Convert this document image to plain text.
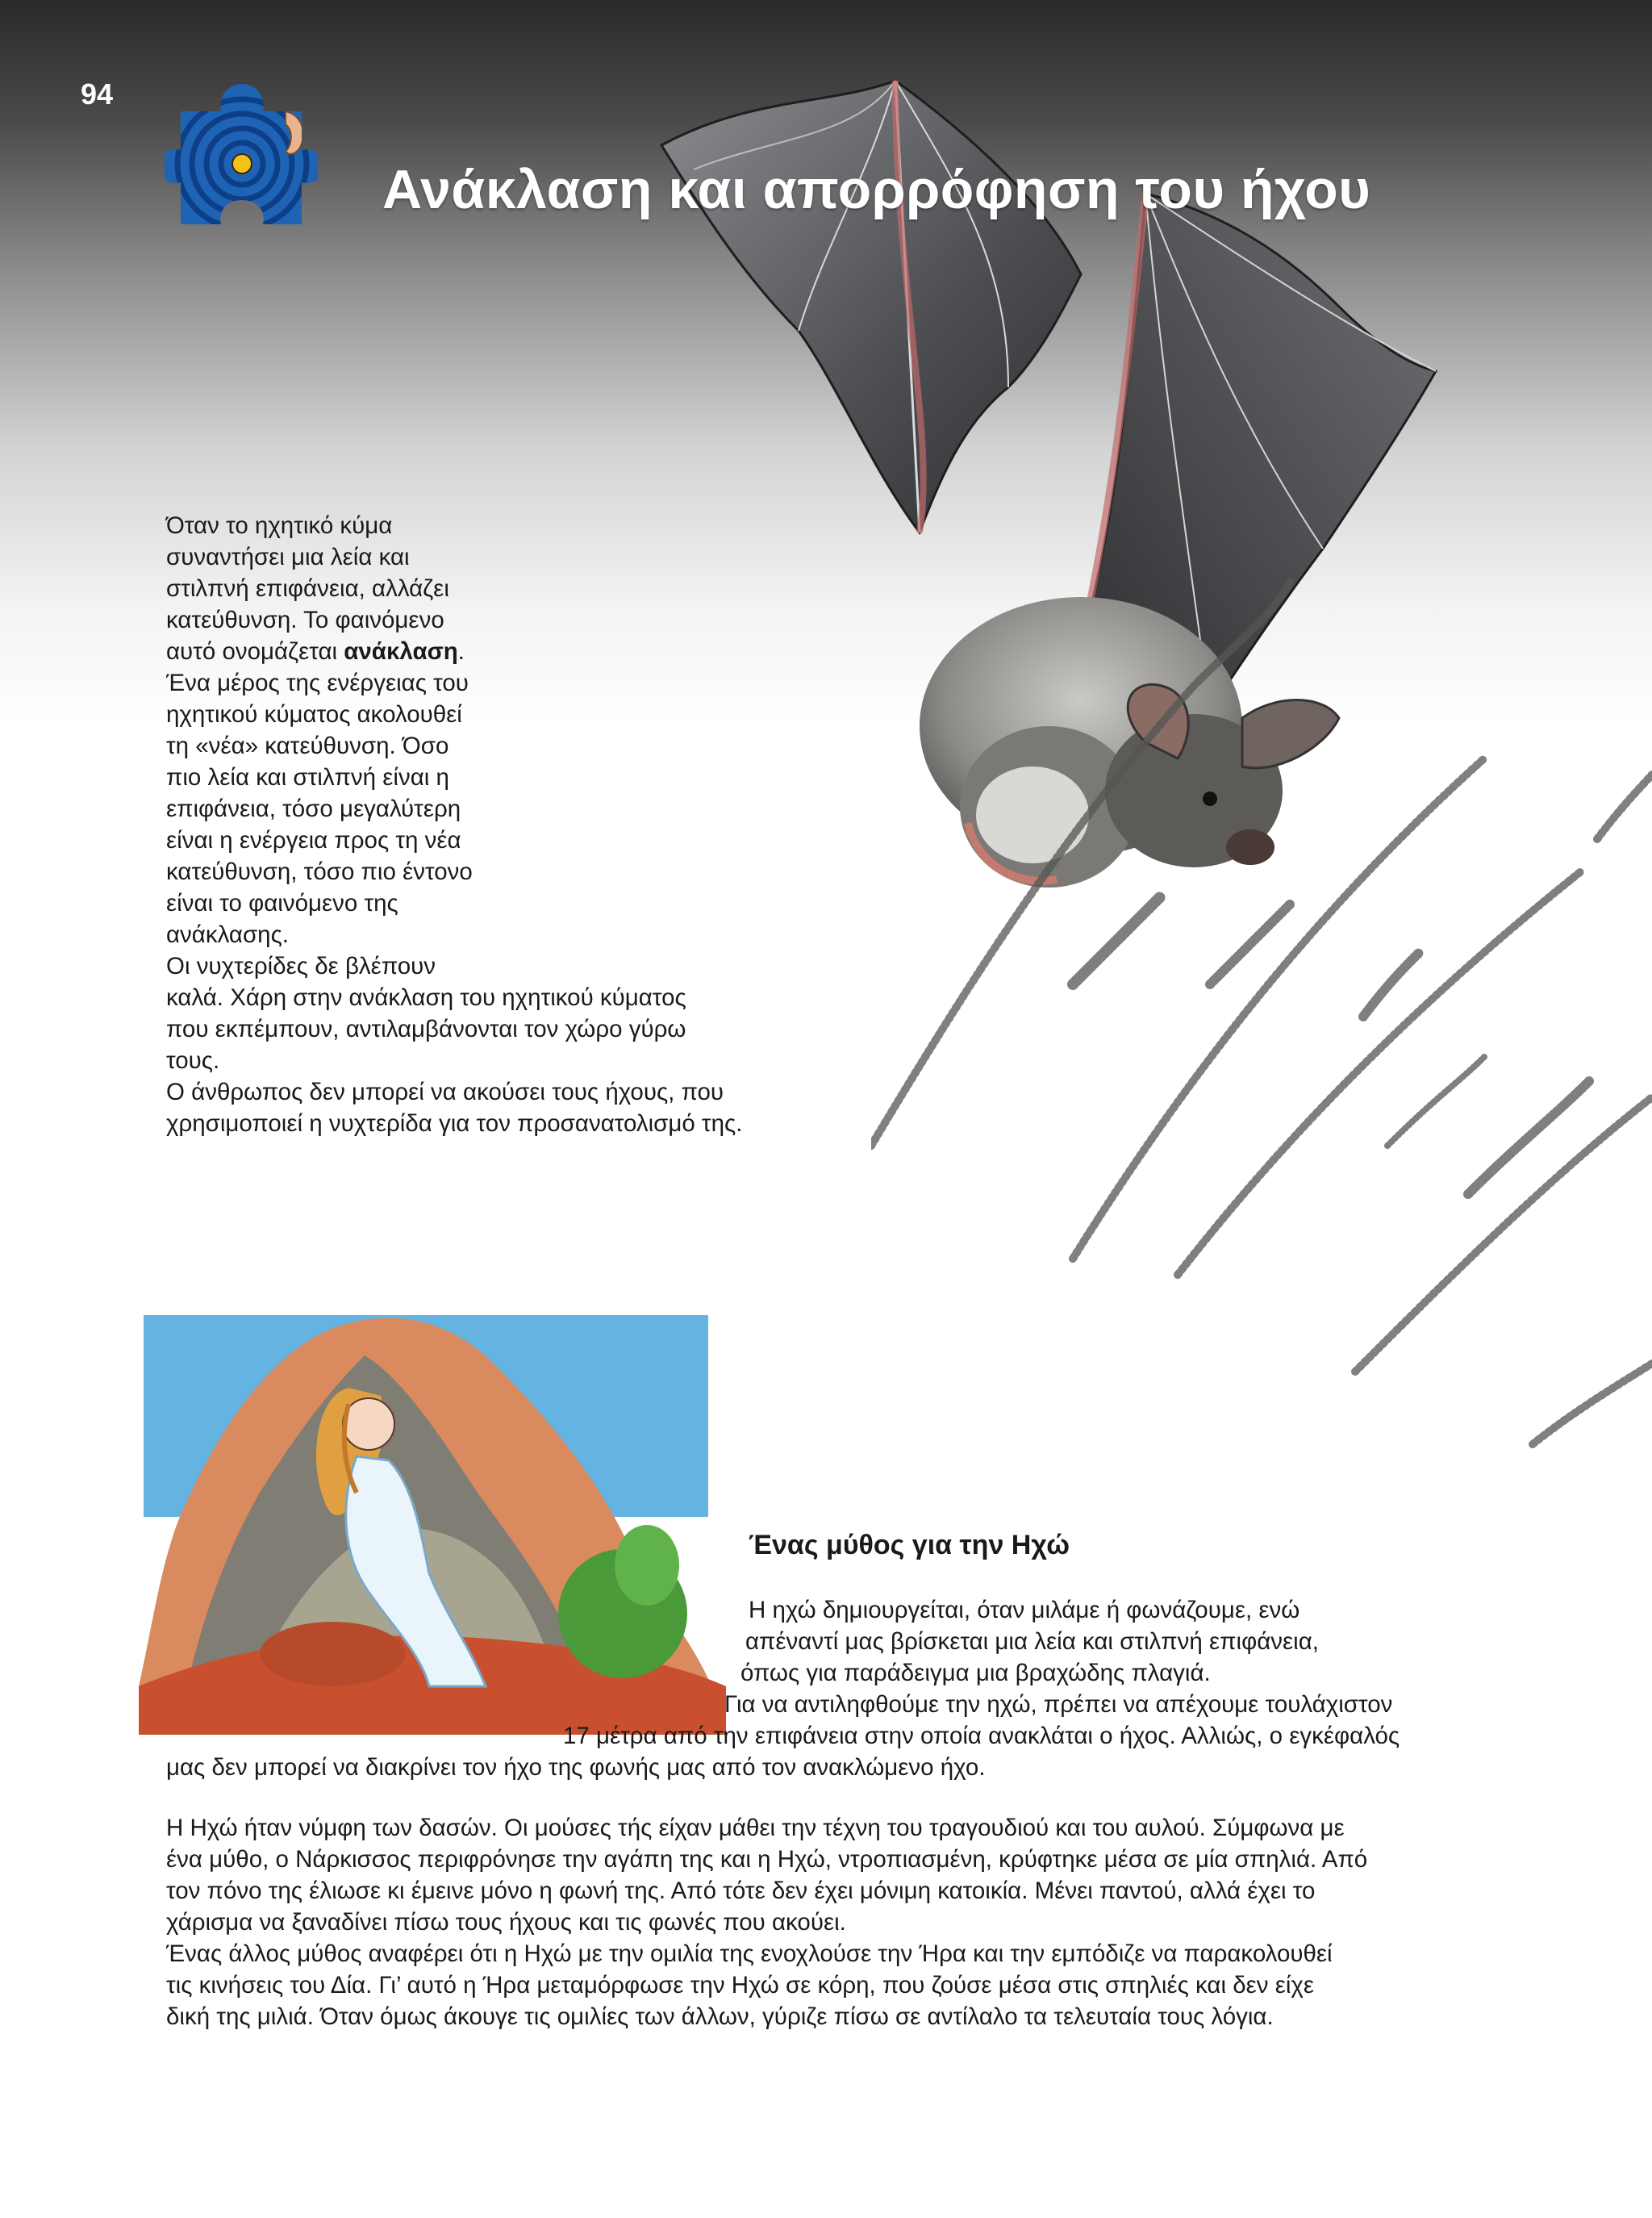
94
Ανάκλαση και απορρόφηση του ήχου

Όταν το ηχητικό κύμα

συναντήσει μια λεία και

στιλπνή επιφάνεια, αλλάζει

κατεύθυνση. Το φαινόμενο

αυτό ονομάζεται ανάκλαση.

Ένα μέρος της ενέργειας του

ηχητικού κύματος ακολουθεί

τη «νέα» κατεύθυνση. Όσο

πιο λεία και στιλπνή είναι η

επιφάνεια, τόσο μεγαλύτερη

είναι η ενέργεια προς τη νέα

κατεύθυνση, τόσο πιο έντονο

είναι το φαινόμενο της

ανάκλασης.

Οι νυχτερίδες δε βλέπουν

καλά. Χάρη στην ανάκλαση του ηχητικού κύματος

που εκπέμπουν, αντιλαμβάνονται τον χώρο γύρω

τους.

Ο άνθρωπος δεν μπορεί να ακούσει τους ήχους, που

χρησιμοποιεί η νυχτερίδα για τον προσανατολισμό της.

Ένας μύθος για την Ηχώ
Η ηχώ δημιουργείται, όταν μιλάμε ή φωνάζουμε, ενώ
απέναντί μας βρίσκεται μια λεία και στιλπνή επιφάνεια,
όπως για παράδειγμα μια βραχώδης πλαγιά.
Για να αντιληφθούμε την ηχώ, πρέπει να απέχουμε τουλάχιστον
17 μέτρα από την επιφάνεια στην οποία ανακλάται ο ήχος. Αλλιώς, ο εγκέφαλός
μας δεν μπορεί να διακρίνει τον ήχο της φωνής μας από τον ανακλώμενο ήχο.

Η Ηχώ ήταν νύμφη των δασών. Οι μούσες τής είχαν μάθει την τέχνη του τραγουδιού και του αυλού. Σύμφωνα με

ένα μύθο, ο Νάρκισσος περιφρόνησε την αγάπη της και η Ηχώ, ντροπιασμένη, κρύφτηκε μέσα σε μία σπηλιά. Από

τον πόνο της έλιωσε κι έμεινε μόνο η φωνή της. Από τότε δεν έχει μόνιμη κατοικία. Μένει παντού, αλλά έχει το

χάρισμα να ξαναδίνει πίσω τους ήχους και τις φωνές που ακούει.

Ένας άλλος μύθος αναφέρει ότι η Ηχώ με την ομιλία της ενοχλούσε την Ήρα και την εμπόδιζε να παρακολουθεί

τις κινήσεις του Δία. Γι’ αυτό η Ήρα μεταμόρφωσε την Ηχώ σε κόρη, που ζούσε μέσα στις σπηλιές και δεν είχε

δική της μιλιά. Όταν όμως άκουγε τις ομιλίες των άλλων, γύριζε πίσω σε αντίλαλο τα τελευταία τους λόγια.
